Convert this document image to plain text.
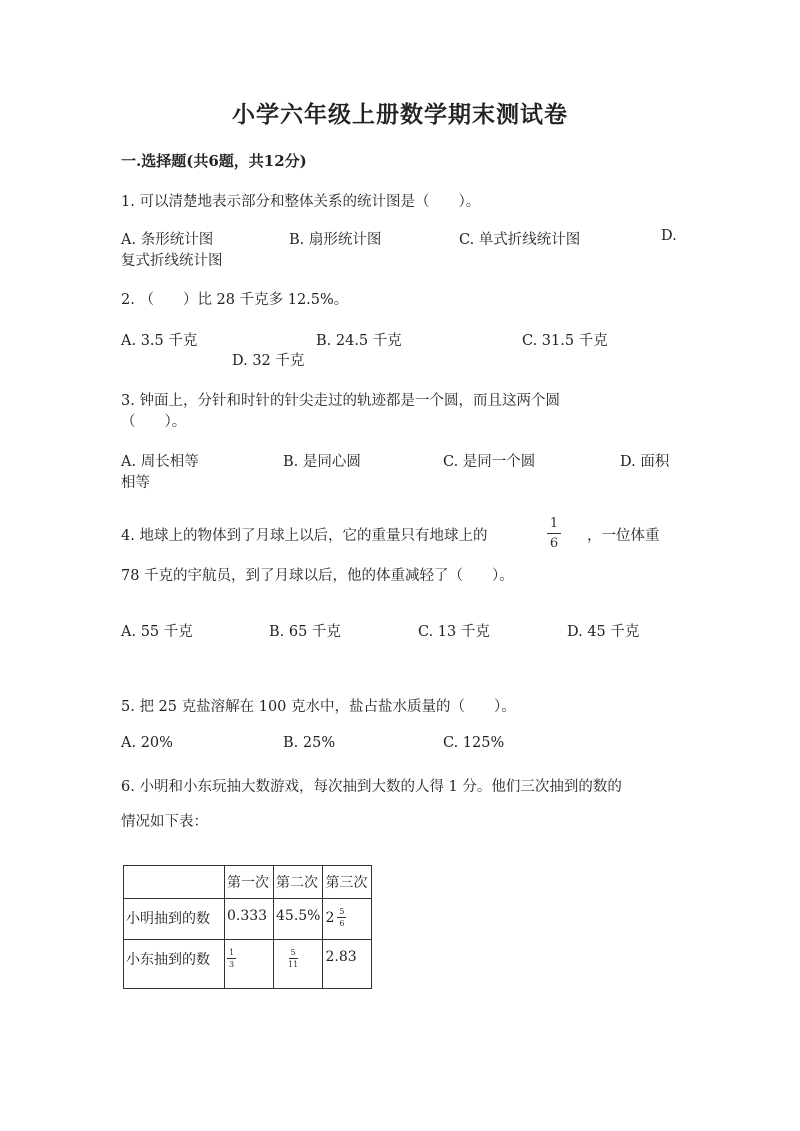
小学六年级上册数学期末测试卷
一.选择题(共6题，共12分)
1. 可以清楚地表示部分和整体关系的统计图是（　　）。
A. 条形统计图	B. 扇形统计图	C. 单式折线统计图	D.
复式折线统计图
2. （　　）比 28 千克多 12.5%。
A. 3.5 千克	B. 24.5 千克	C. 31.5 千克
D. 32 千克
3. 钟面上，分针和时针的针尖走过的轨迹都是一个圆，而且这两个圆
（　　）。
A. 周长相等	B. 是同心圆	C. 是同一个圆	D. 面积
相等
4. 地球上的物体到了月球上以后，它的重量只有地球上的
1
6 ，一位体重
78 千克的宇航员，到了月球以后，他的体重减轻了（　　）。
A. 55 千克	B. 65 千克	C. 13 千克	D. 45 千克
5. 把 25 克盐溶解在 100 克水中，盐占盐水质量的（　　）。
A. 20%	B. 25%	C. 125%
6. 小明和小东玩抽大数游戏，每次抽到大数的人得 1 分。他们三次抽到的数的
情况如下表：
	第一次	第二次	第三次
小明抽到的数	0.333	45.5%	$2 \frac{5}{6}$

小东抽到的数	$\frac{1}{3}$	$\frac{5}{11}$	2.83
